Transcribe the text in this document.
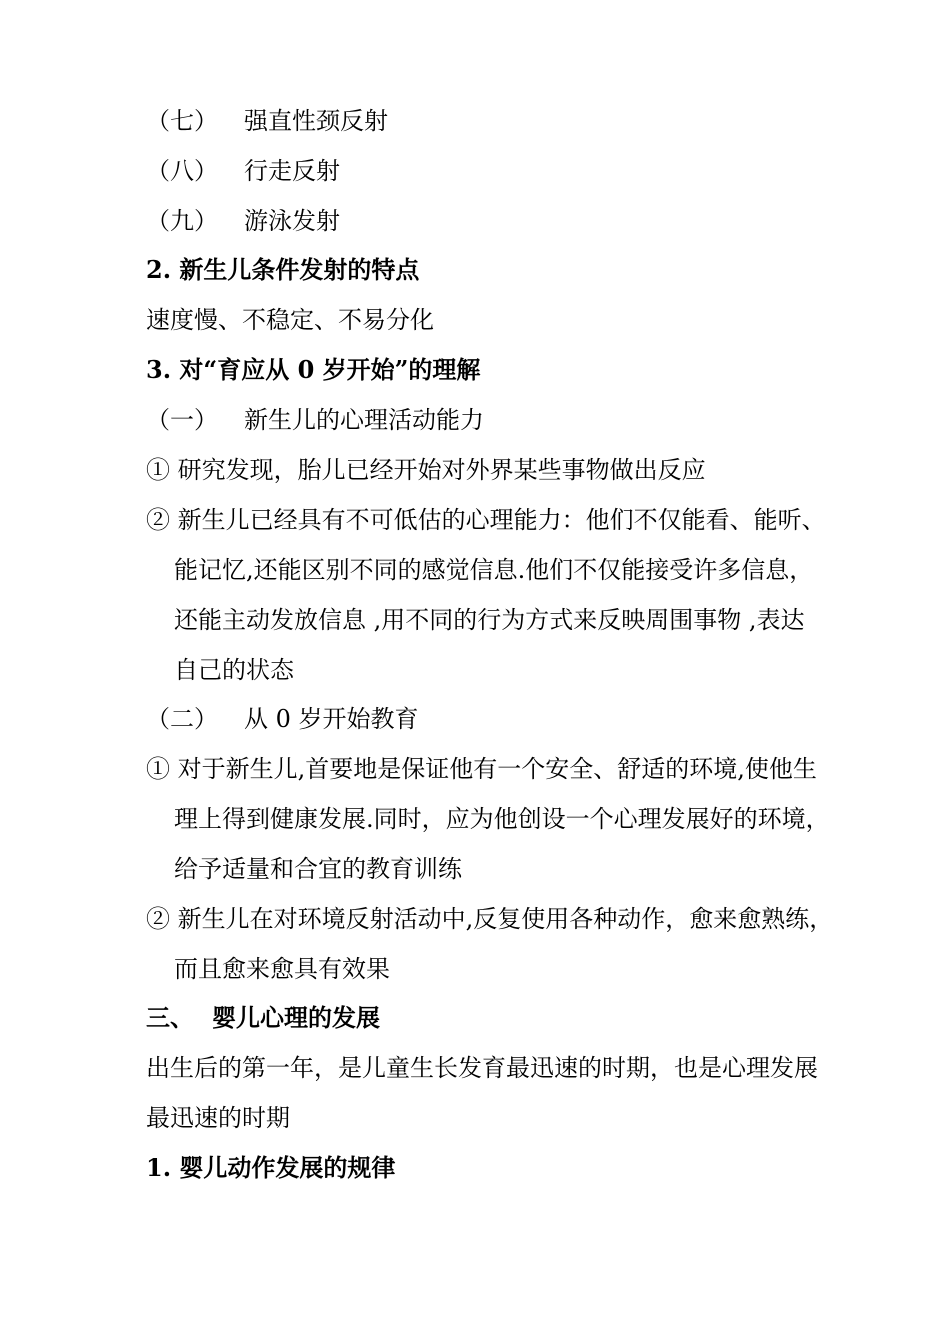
（七） 强直性颈反射
（八） 行走反射
（九） 游泳发射
2. 新生儿条件发射的特点
速度慢、不稳定、不易分化
3. 对“育应从 0 岁开始”的理解
（一） 新生儿的心理活动能力
① 研究发现，胎儿已经开始对外界某些事物做出反应
② 新生儿已经具有不可低估的心理能力：他们不仅能看、能听、
能记忆,还能区别不同的感觉信息.他们不仅能接受许多信息，
还能主动发放信息 ,用不同的行为方式来反映周围事物 ,表达
自己的状态
（二） 从 0 岁开始教育
① 对于新生儿,首要地是保证他有一个安全、舒适的环境,使他生
理上得到健康发展.同时，应为他创设一个心理发展好的环境，
给予适量和合宜的教育训练
② 新生儿在对环境反射活动中,反复使用各种动作，愈来愈熟练，
而且愈来愈具有效果
三、 婴儿心理的发展
出生后的第一年，是儿童生长发育最迅速的时期，也是心理发展
最迅速的时期
1. 婴儿动作发展的规律
